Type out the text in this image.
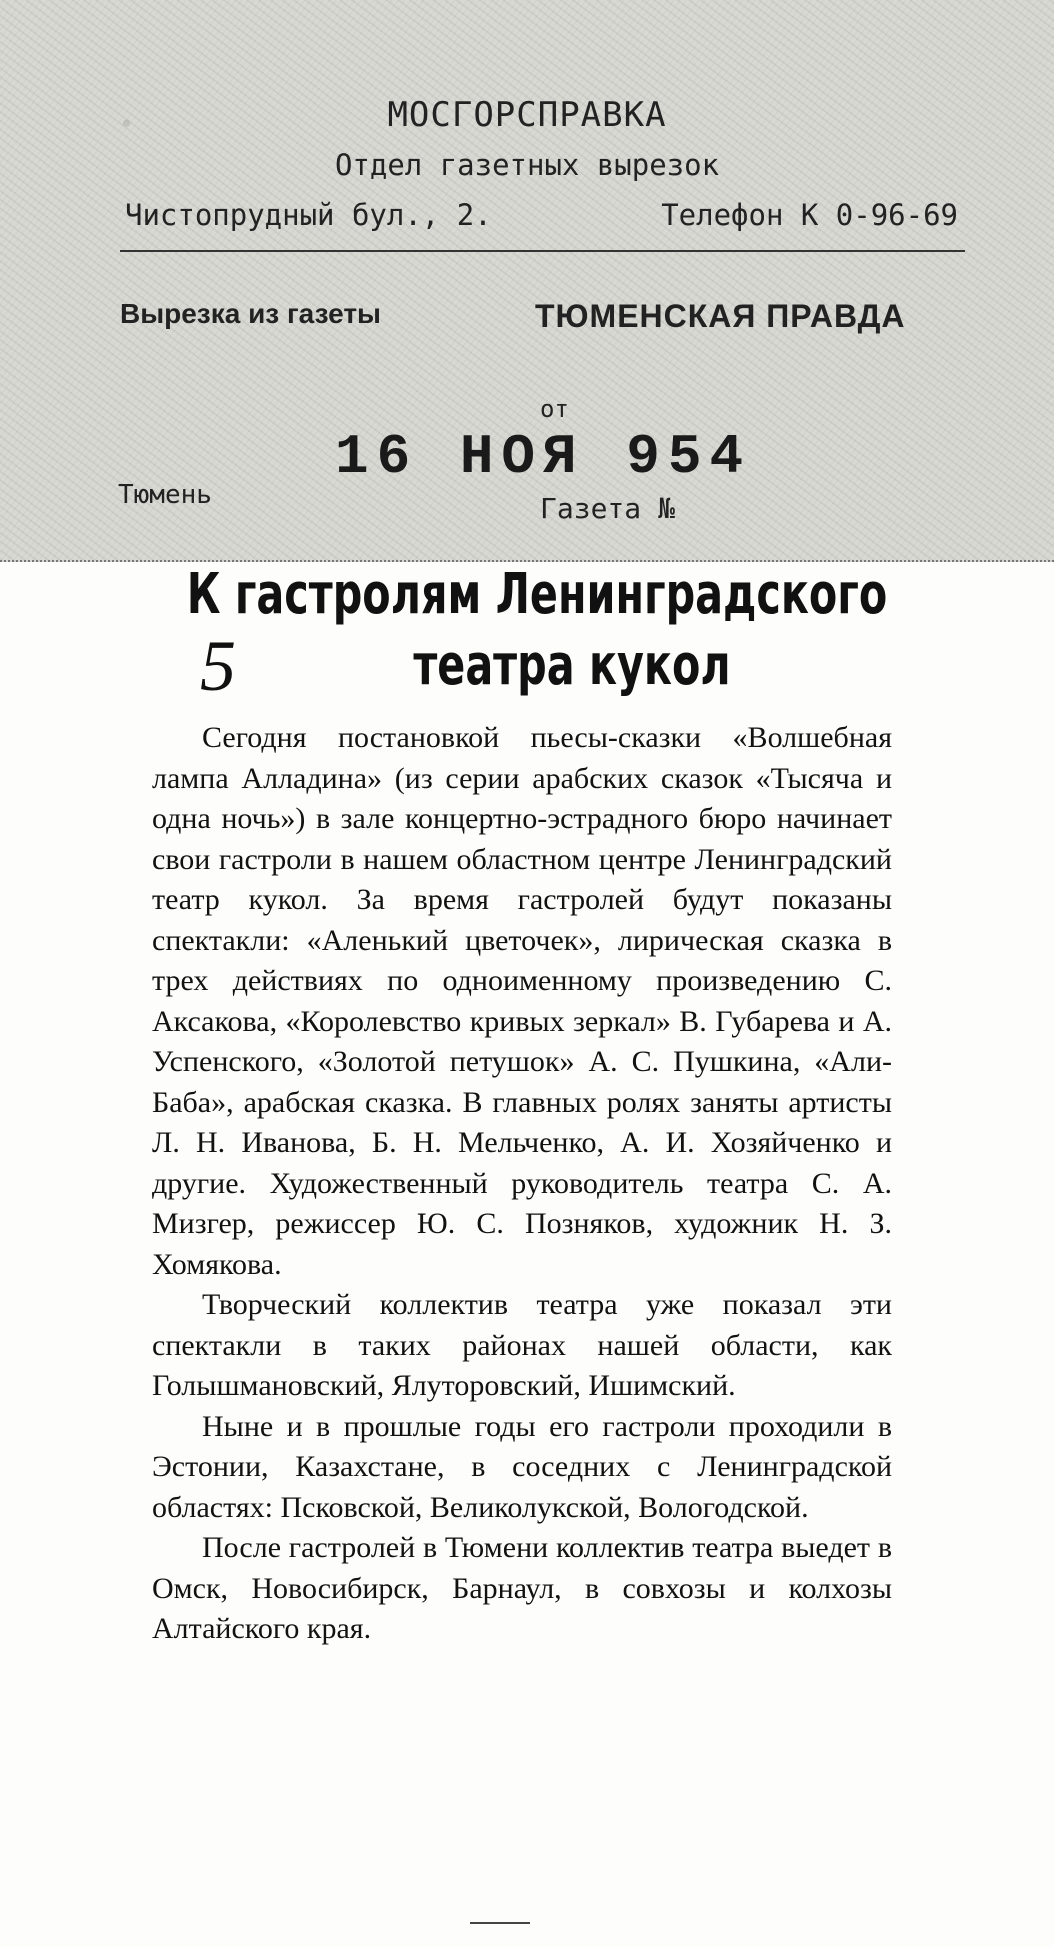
МОСГОРСПРАВКА
Отдел газетных вырезок
Чистопрудный бул., 2.	Телефон К 0-96-69
Вырезка из газеты	ТЮМЕНСКАЯ ПРАВДА
от
16 НОЯ 954
Тюмень	Газета №
К гастролям Ленинградского
театра кукол
5

Сегодня постановкой пьесы-сказки «Волшебная лампа Алладина» (из серии арабских сказок «Тысяча и одна ночь») в зале концертно-эстрадного бюро начинает свои гастроли в нашем областном центре Ленинградский театр кукол. За время гастролей будут показаны спектакли: «Аленький цветочек», лирическая сказка в трех действиях по одноименному произведению С. Аксакова, «Королевство кривых зеркал» В. Губарева и А. Успенского, «Золотой петушок» А. С. Пушкина, «Али-Баба», арабская сказка. В главных ролях заняты артисты Л. Н. Иванова, Б. Н. Мельченко, А. И. Хозяйченко и другие. Художественный руководитель театра С. А. Мизгер, режиссер Ю. С. Позняков, художник Н. З. Хомякова.

Творческий коллектив театра уже показал эти спектакли в таких районах нашей области, как Голышмановский, Ялуторовский, Ишимский.

Ныне и в прошлые годы его гастроли проходили в Эстонии, Казахстане, в соседних с Ленинградской областях: Псковской, Великолукской, Вологодской.

После гастролей в Тюмени коллектив театра выедет в Омск, Новосибирск, Барнаул, в совхозы и колхозы Алтайского края.
